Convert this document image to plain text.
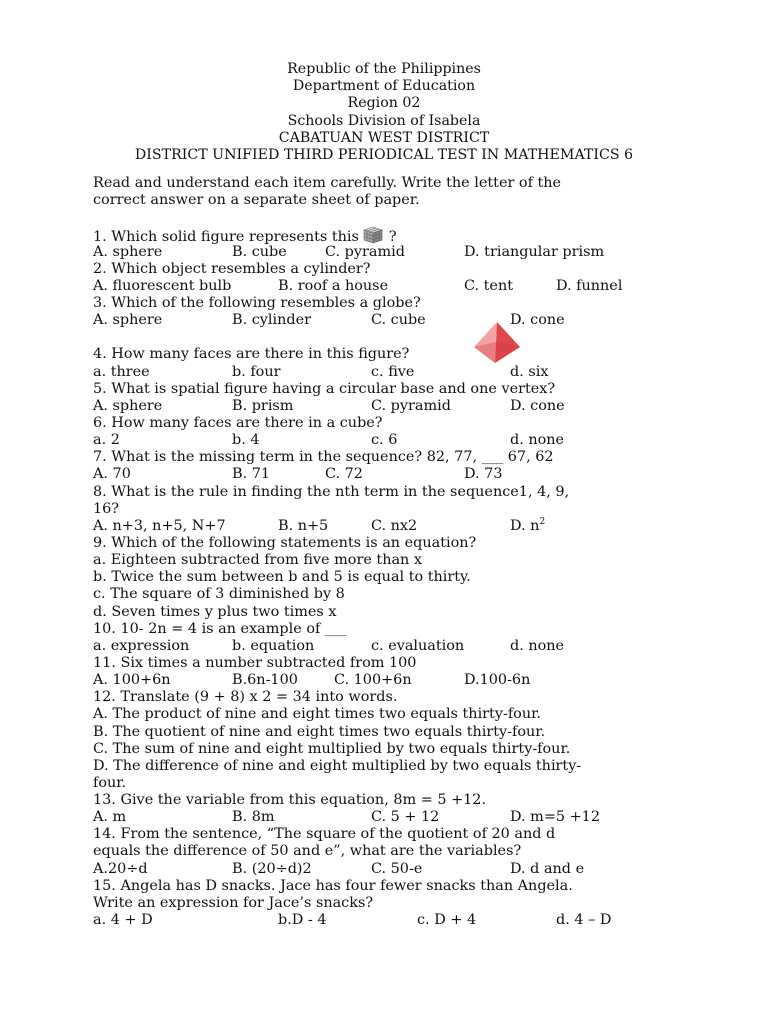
Republic of the Philippines
Department of Education
Region 02
Schools Division of Isabela
CABATUAN WEST DISTRICT
DISTRICT UNIFIED THIRD PERIODICAL TEST IN MATHEMATICS 6
Read and understand each item carefully. Write the letter of the
correct answer on a separate sheet of paper.
1. Which solid figure represents this ?
A. sphere	B. cube	C. pyramid	D. triangular prism
2. Which object resembles a cylinder?
A. fluorescent bulb	B. roof a house	C. tent	D. funnel
3. Which of the following resembles a globe?
A. sphere	B. cylinder	C. cube	D. cone
4. How many faces are there in this figure?
a. three	b. four	c. five	d. six
5. What is spatial figure having a circular base and one vertex?
A. sphere	B. prism	C. pyramid	D. cone
6. How many faces are there in a cube?
a. 2	b. 4	c. 6	d. none
7. What is the missing term in the sequence? 82, 77, ___ 67, 62
A. 70	B. 71	C. 72	D. 73
8. What is the rule in finding the nth term in the sequence1, 4, 9,
16?
A. n+3, n+5, N+7	B. n+5	C. nx2	D. $n^2$
9. Which of the following statements is an equation?
a. Eighteen subtracted from five more than x
b. Twice the sum between b and 5 is equal to thirty.
c. The square of 3 diminished by 8
d. Seven times y plus two times x
10. 10- 2n = 4 is an example of ___
a. expression	b. equation	c. evaluation	d. none
11. Six times a number subtracted from 100
A. 100+6n	B.6n-100	C. 100+6n	D.100-6n
12. Translate (9 + 8) x 2 = 34 into words.
A. The product of nine and eight times two equals thirty-four.
B. The quotient of nine and eight times two equals thirty-four.
C. The sum of nine and eight multiplied by two equals thirty-four.
D. The difference of nine and eight multiplied by two equals thirty-
four.
13. Give the variable from this equation, 8m = 5 +12.
A. m	B. 8m	C. 5 + 12	D. m=5 +12
14. From the sentence, “The square of the quotient of 20 and d
equals the difference of 50 and e”, what are the variables?
A.20÷d	B. (20÷d)2	C. 50-e	D. d and e
15. Angela has D snacks. Jace has four fewer snacks than Angela.
Write an expression for Jace’s snacks?
a. 4 + D	b.D - 4	c. D + 4	d. 4 – D
